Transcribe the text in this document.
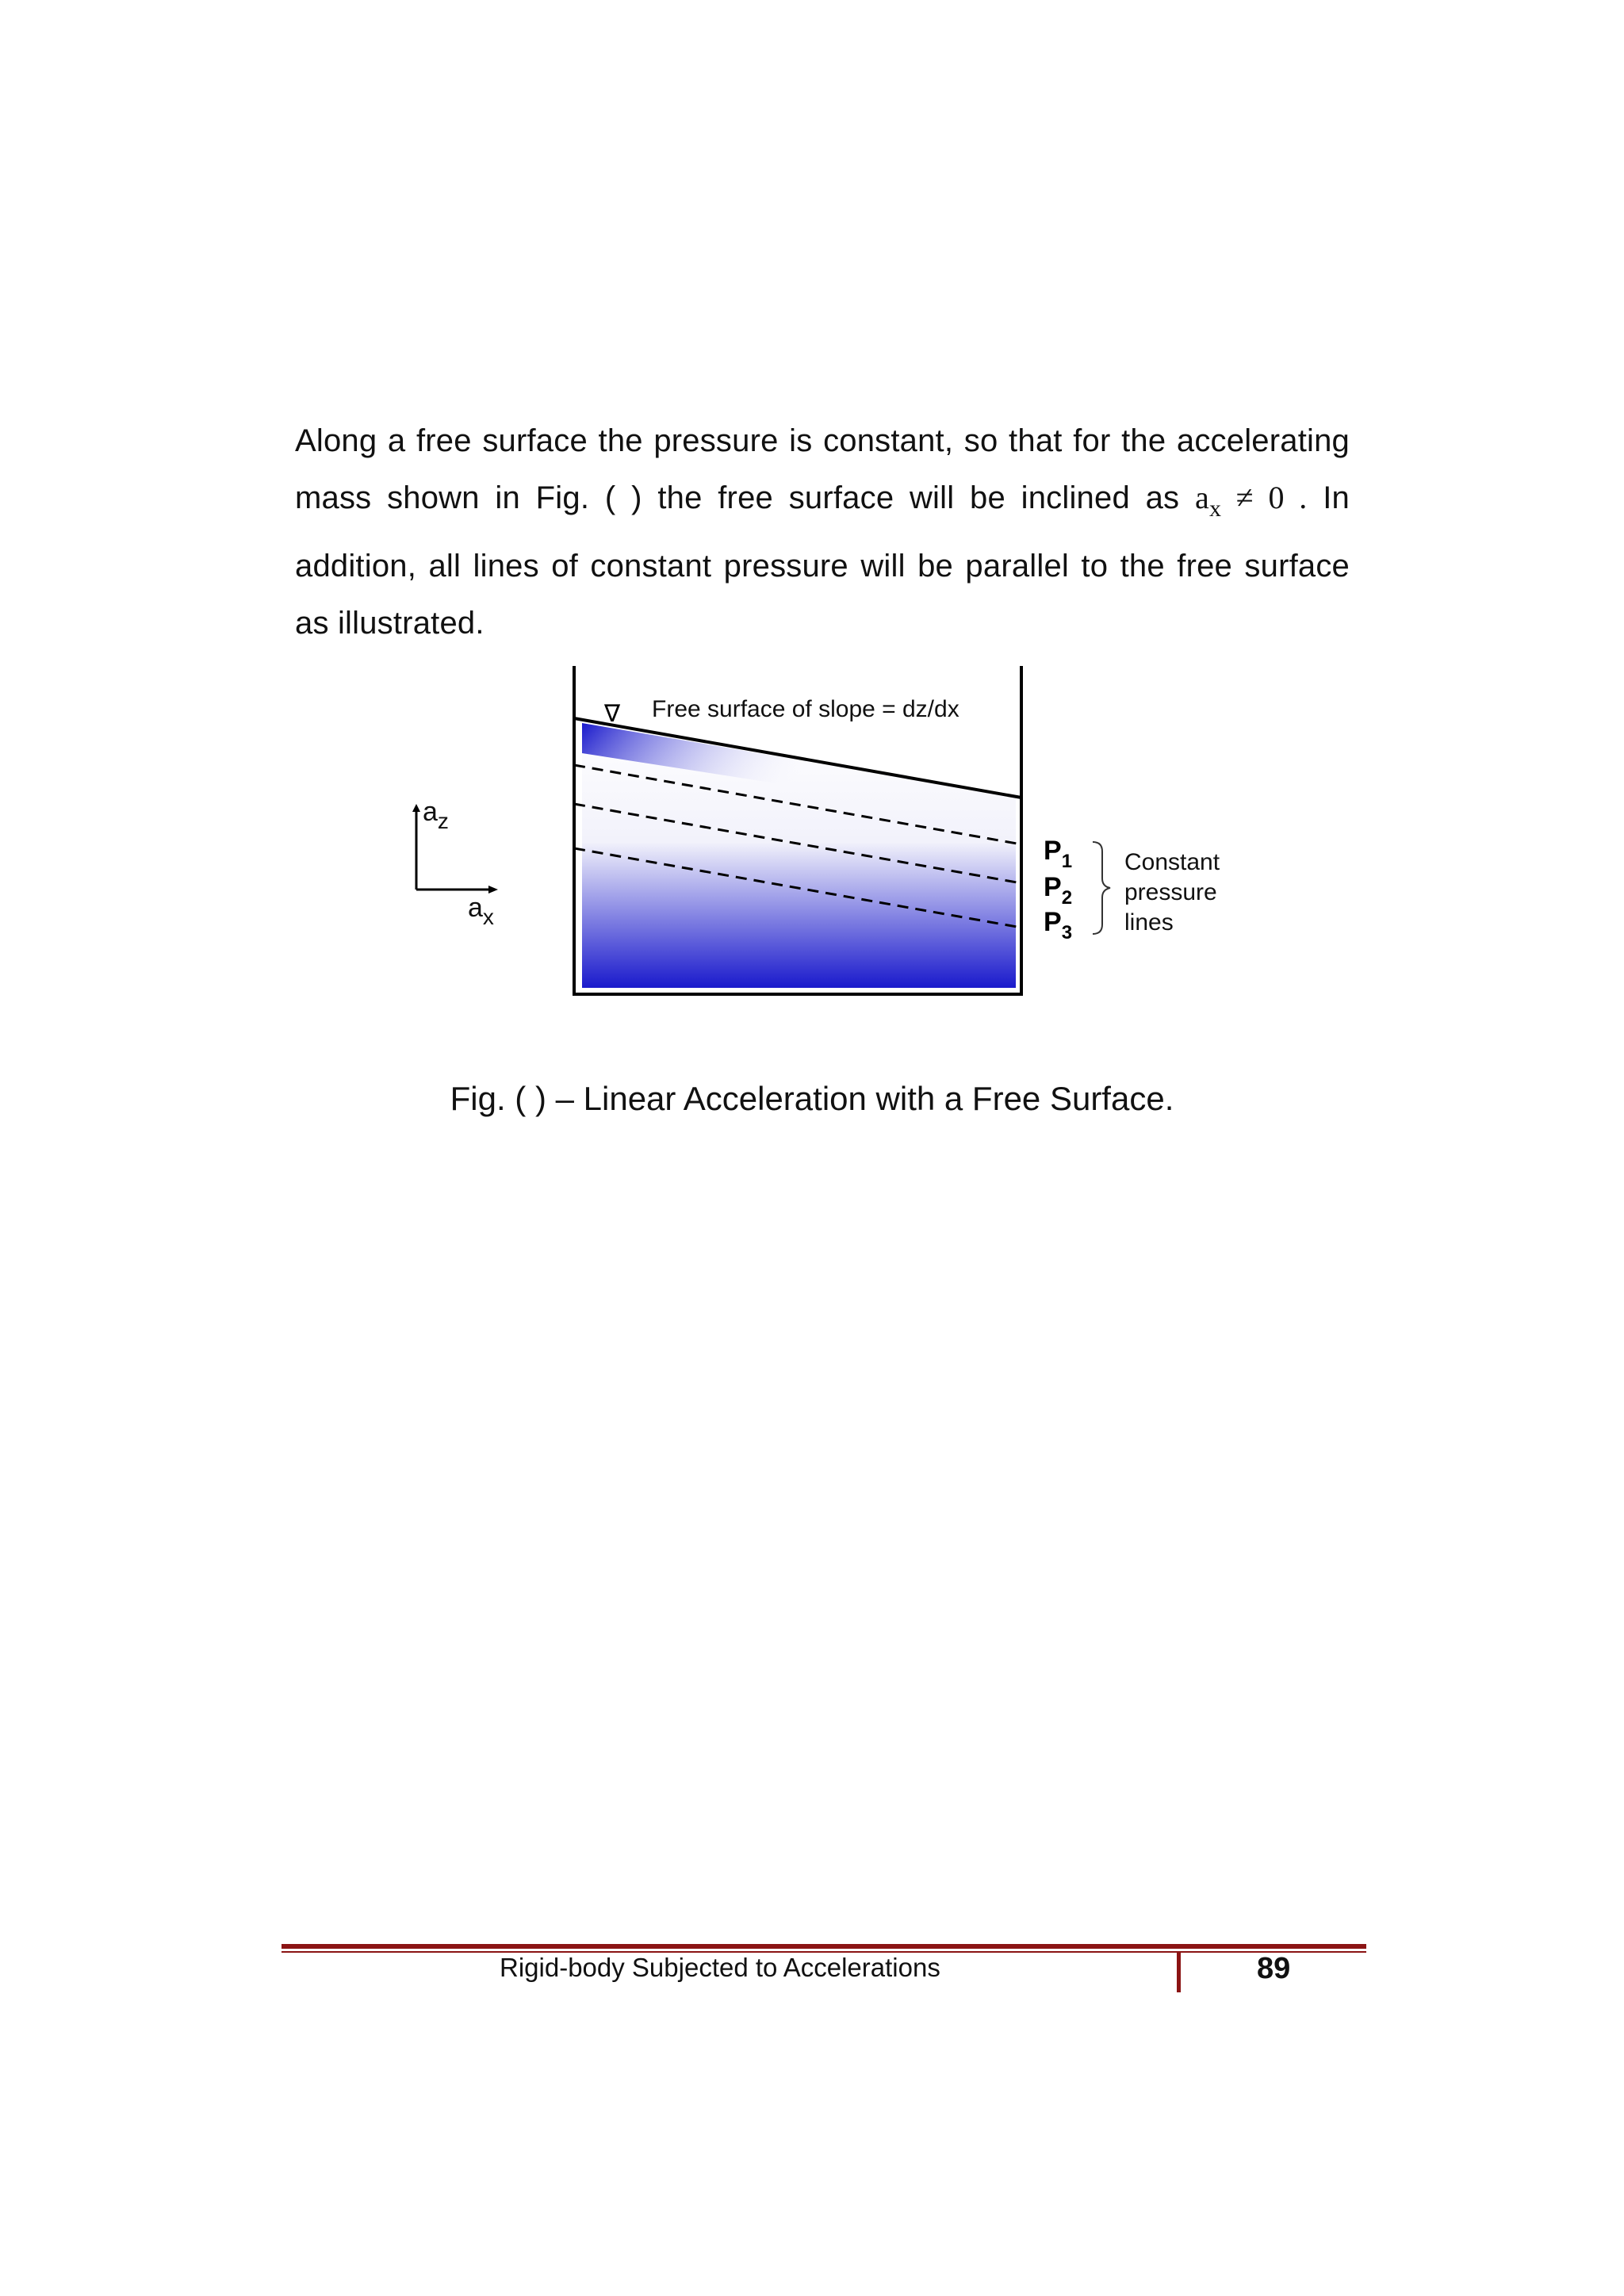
Along a free surface the pressure is constant, so that for the accelerating
mass shown in Fig. ( ) the free surface will be inclined as $a_x \ne 0$ . In
addition, all lines of constant pressure will be parallel to the free surface
as illustrated.
∇ Free surface of slope = dz/dx
$a_z$
$a_x$
$P_1$
$P_2$
$P_3$
Constant
pressure
lines
Fig. ( ) – Linear Acceleration with a Free Surface.
Rigid-body Subjected to Accelerations	89
